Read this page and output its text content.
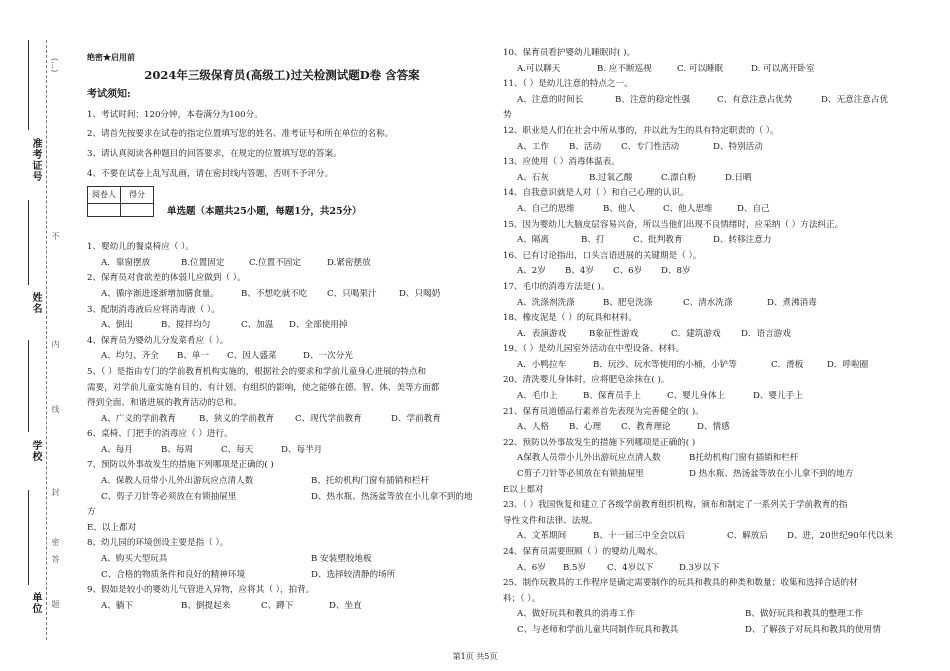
准考证号
姓名
学校
单位 题
答
不
内
线
封
密
(…)
绝密★启用前
2024年三级保育员(高级工)过关检测试题D卷 含答案
考试须知:
1、考试时间：120分钟，本卷满分为100分。
2、请首先按要求在试卷的指定位置填写您的姓名、准考证号和所在单位的名称。
3、请认真阅读各种题目的回答要求，在规定的位置填写您的答案。
4、不要在试卷上乱写乱画，请在密封线内答题，否则不予评分。
阅卷人	得分

单选题（本题共25小题，每题1分，共25分）
1、婴幼儿的餐桌椅应（ ）。
A．靠窗摆放	B.位置固定	C.位置不固定	D.紧密摆放
2、保育员对食欲差的体弱儿应做到（ ）。
A、循序渐进逐渐增加膳食量。	B、不想吃就不吃 C、只喝果汁	D、只喝奶
3、配制消毒液后应将消毒液（ ）。
A、倒出	B、搅拌均匀	C、加温 D、全部使用掉
4、保育员为婴幼儿分发菜肴应（ ）。
A、均匀、齐全 B、单一 C、因人盛菜	D、一次分光
5、（ ）是指由专门的学前教育机构实施的，根据社会的要求和学前儿童身心进展的特点和
需要，对学前儿童实施有目的、有计划、有组织的影响，使之能够在德、智、体、美等方面都
得到全面、和谐进展的教育活动的总和。
A、广义的学前教育	B、狭义的学前教育 C、现代学前教育	D、学前教育
6、桌椅、门把手的消毒应（ ）进行。
A、每月	B、每周	C、每天	D、每半月
7、预防以外事故发生的措施下列哪项是正确的( )
A、保教人员带小儿外出游玩应点清人数	B、托幼机构门窗有插销和栏杆
C、剪子刀针等必须放在有锁抽屉里	D、热水瓶、热汤盆等放在小儿拿不到的地
方
E、以上都对
8、幼儿园的环境创设主要是指（ ）。
A、购买大型玩具	B 安装塑胶地板
C、合格的物质条件和良好的精神环境	D、选择较清静的场所
9、假如是较小的婴幼儿气管进入异物，应将其（ ），拍背。
A、躺下	B、倒提起来	C、蹲下	D、坐直
10、保育员看护婴幼儿睡眠时( )。
A.可以聊天	B. 应不断巡视	C. 可以睡眠	D. 可以离开卧室
11、（ ）是幼儿注意的特点之一。
A、注意的时间长	B、注意的稳定性强	C、有意注意占优势	D、无意注意占优
势
12、职业是人们在社会中所从事的，并以此为生的具有特定职责的（ ）。
A、工作 B、活动 C、专门性活动	D、特别活动
13、应使用（ ）消毒体温表。
A、石灰	B.过氧乙酸	C.漂白粉	D.日晒
14、自我意识就是人对（ ）和自己心理的认识。
A、自己的思维	B、他人	C、他人思维	D、自己
15、因为婴幼儿大脑皮层容易兴奋，所以当他们出现不良情绪时，应采纳（ ）方法纠正。
A、隔离	B、打	C、批判教育	D、转移注意力
16、已有讨论指出，口头言语进展的关键期是（ ）。
A、2岁 B、4岁 C、6岁 D、8岁
17、毛巾的消毒方法是( )。
A、洗涤剂洗涤	B、肥皂洗涤	C、清水洗涤	D、煮沸消毒
18、橡皮泥是（ ）的玩具和材料。
A．表演游戏	B象征性游戏	C．建筑游戏 D．语言游戏
19、（ ）是幼儿园室外活动在中型设备、材料。
A．小鸭拉车	B．玩沙、玩水等使用的小桶，小铲等	C．滑板	D．呼啦圈
20、清洗婴儿身体时，应将肥皂涂抹在( )。
A、毛巾上	B、保育员手上	C、婴儿身体上	D、婴儿手上
21、保育员道德品行素养首先表现为完善健全的( )。
A、人格 B、心理 C、教育理论	D、情感
22、预防以外事故发生的措施下列哪项是正确的( )
A保教人员带小儿外出游玩应点清人数	B托幼机构门窗有插销和栏杆
C剪子刀针等必须放在有锁抽屉里	D 热水瓶、热汤盆等放在小儿拿不到的地方
E以上都对
23、（ ）我国恢复和建立了各级学前教育组织机构，颁布和制定了一系列关于学前教育的指
导性文件和法律、法规。
A、文革期间	B、十一届三中全会以后	C、解放后 D、进，20世纪90年代以来
24、保育员需要照顾（ ）的婴幼儿喝水。
A、6岁 B.5岁 C、4岁以下	D.3岁以下
25、制作玩教具的工作程序是确定需要制作的玩具和教具的种类和数量；收集和选择合适的材
料；（ ）。
A、做好玩具和教具的消毒工作	B、做好玩具和教具的整理工作
C、与老师和学前儿童共同制作玩具和教具	D、了解孩子对玩具和教具的使用情
第1页 共5页
